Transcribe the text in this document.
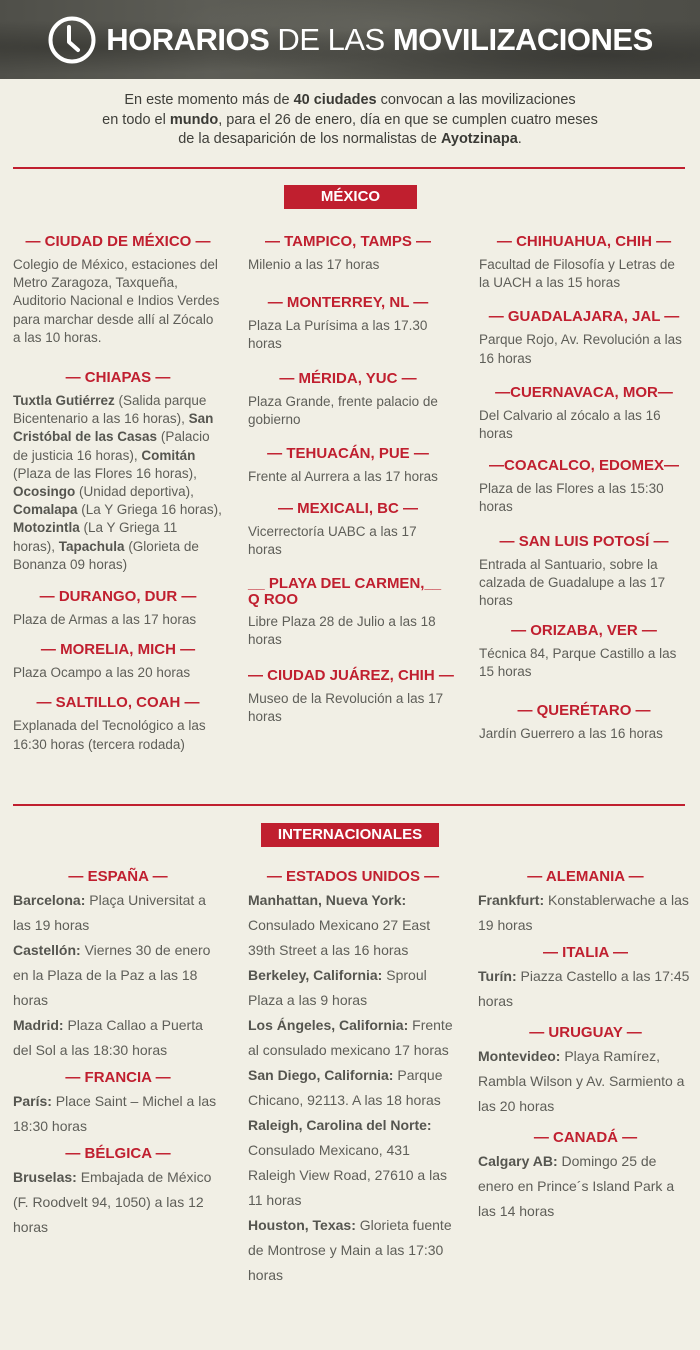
HORARIOS DE LAS MOVILIZACIONES
En este momento más de 40 ciudades convocan a las movilizaciones
en todo el mundo, para el 26 de enero, día en que se cumplen cuatro meses
de la desaparición de los normalistas de Ayotzinapa.
MÉXICO
— CIUDAD DE MÉXICO —
Colegio de México, estaciones del Metro Zaragoza, Taxqueña, Auditorio Nacional e Indios Verdes para marchar desde allí al Zócalo a las 10 horas.
— CHIAPAS —
Tuxtla Gutiérrez (Salida parque Bicentenario a las 16 horas), San Cristóbal de las Casas (Palacio de justicia 16 horas), Comitán (Plaza de las Flores 16 horas), Ocosingo (Unidad deportiva), Comalapa (La Y Griega 16 horas), Motozintla (La Y Griega 11 horas), Tapachula (Glorieta de Bonanza 09 horas)
— DURANGO, DUR —
Plaza de Armas a las 17 horas
— MORELIA, MICH —
Plaza Ocampo a las 20 horas
— SALTILLO, COAH —
Explanada del Tecnológico a las 16:30 horas (tercera rodada)
— TAMPICO, TAMPS —
Milenio a las 17 horas
— MONTERREY, NL —
Plaza La Purísima a las 17.30 horas
— MÉRIDA, YUC —
Plaza Grande, frente palacio de gobierno
— TEHUACÁN, PUE —
Frente al Aurrera a las 17 horas
— MEXICALI, BC —
Vicerrectoría UABC a las 17 horas
__ PLAYA DEL CARMEN,__ Q ROO
Libre Plaza 28 de Julio a las 18 horas
— CIUDAD JUÁREZ, CHIH —
Museo de la Revolución a las 17 horas
— CHIHUAHUA, CHIH —
Facultad de Filosofía y Letras de la UACH a las 15 horas
— GUADALAJARA, JAL —
Parque Rojo, Av. Revolución a las 16 horas
—CUERNAVACA, MOR—
Del Calvario al zócalo a las 16 horas
—COACALCO, EDOMEX—
Plaza de las Flores a las 15:30 horas
— SAN LUIS POTOSÍ —
Entrada al Santuario, sobre la calzada de Guadalupe a las 17 horas
— ORIZABA, VER —
Técnica 84, Parque Castillo a las 15 horas
— QUERÉTARO —
Jardín Guerrero a las 16 horas
INTERNACIONALES
— ESPAÑA —
Barcelona: Plaça Universitat a las 19 horas
Castellón: Viernes 30 de enero en la Plaza de la Paz a las 18 horas
Madrid: Plaza Callao a Puerta del Sol a las 18:30 horas
— FRANCIA —
París: Place Saint – Michel a las 18:30 horas
— BÉLGICA —
Bruselas: Embajada de México (F. Roodvelt 94, 1050) a las 12 horas
— ESTADOS UNIDOS —
Manhattan, Nueva York: Consulado Mexicano 27 East 39th Street a las 16 horas
Berkeley, California: Sproul Plaza a las 9 horas
Los Ángeles, California: Frente al consulado mexicano 17 horas
San Diego, California: Parque Chicano, 92113. A las 18 horas
Raleigh, Carolina del Norte: Consulado Mexicano, 431 Raleigh View Road, 27610 a las 11 horas
Houston, Texas: Glorieta fuente de Montrose y Main a las 17:30 horas
— ALEMANIA —
Frankfurt: Konstablerwache a las 19 horas
— ITALIA —
Turín: Piazza Castello a las 17:45 horas
— URUGUAY —
Montevideo: Playa Ramírez, Rambla Wilson y Av. Sarmiento a las 20 horas
— CANADÁ —
Calgary AB: Domingo 25 de enero en Prince´s Island Park a las 14 horas
